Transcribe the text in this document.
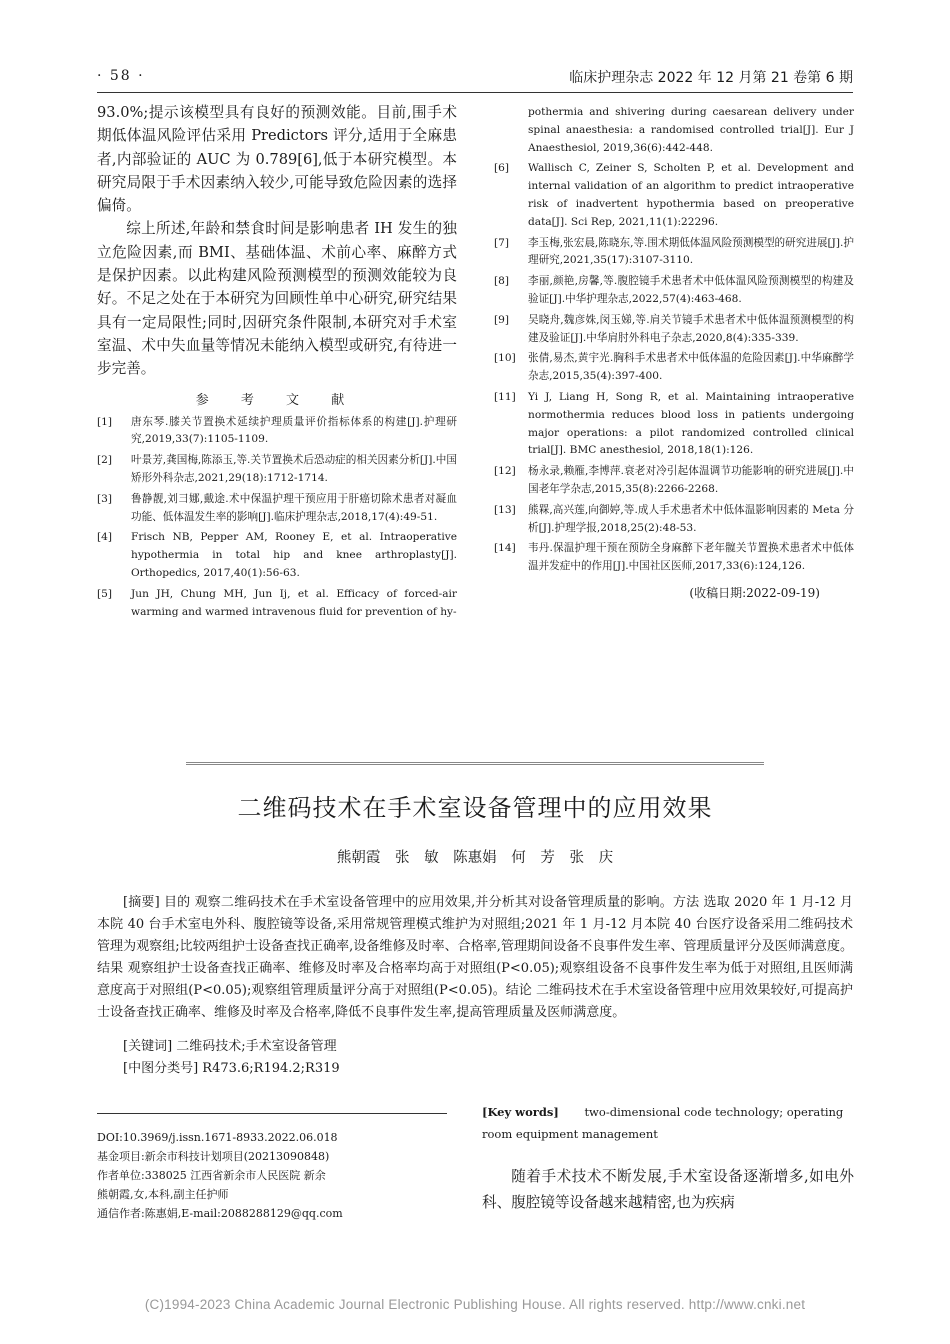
· 58 ·	临床护理杂志 2022 年 12 月第 21 卷第 6 期

93.0%;提示该模型具有良好的预测效能。目前,围手术期低体温风险评估采用 Predictors 评分,适用于全麻患者,内部验证的 AUC 为 0.789[6],低于本研究模型。本研究局限于手术因素纳入较少,可能导致危险因素的选择偏倚。

综上所述,年龄和禁食时间是影响患者 IH 发生的独立危险因素,而 BMI、基础体温、术前心率、麻醉方式是保护因素。以此构建风险预测模型的预测效能较为良好。不足之处在于本研究为回顾性单中心研究,研究结果具有一定局限性;同时,因研究条件限制,本研究对手术室室温、术中失血量等情况未能纳入模型或研究,有待进一步完善。

参 考 文 献
[1]	唐东琴.膝关节置换术延续护理质量评价指标体系的构建[J].护理研究,2019,33(7):1105-1109.
[2]	叶景芳,龚国梅,陈添玉,等.关节置换术后恐动症的相关因素分析[J].中国矫形外科杂志,2021,29(18):1712-1714.
[3]	鲁静靓,刘彐娜,戴途.术中保温护理干预应用于肝癌切除术患者对凝血功能、低体温发生率的影响[J].临床护理杂志,2018,17(4):49-51.
[4]	Frisch NB, Pepper AM, Rooney E, et al. Intraoperative hypothermia in total hip and knee arthroplasty[J]. Orthopedics, 2017,40(1):56-63.
[5]	Jun JH, Chung MH, Jun Ij, et al. Efficacy of forced-air warming and warmed intravenous fluid for prevention of hy-
pothermia and shivering during caesarean delivery under spinal anaesthesia: a randomised controlled trial[J]. Eur J Anaesthesiol, 2019,36(6):442-448.
[6]	Wallisch C, Zeiner S, Scholten P, et al. Development and internal validation of an algorithm to predict intraoperative risk of inadvertent hypothermia based on preoperative data[J]. Sci Rep, 2021,11(1):22296.
[7]	李玉梅,张宏晨,陈晓东,等.围术期低体温风险预测模型的研究进展[J].护理研究,2021,35(17):3107-3110.
[8]	李丽,颜艳,房馨,等.腹腔镜手术患者术中低体温风险预测模型的构建及验证[J].中华护理杂志,2022,57(4):463-468.
[9]	吴晓舟,魏彦姝,闵玉娣,等.肩关节镜手术患者术中低体温预测模型的构建及验证[J].中华肩肘外科电子杂志,2020,8(4):335-339.
[10]	张倩,易杰,黄宇光.胸科手术患者术中低体温的危险因素[J].中华麻醉学杂志,2015,35(4):397-400.
[11]	Yi J, Liang H, Song R, et al. Maintaining intraoperative normothermia reduces blood loss in patients undergoing major operations: a pilot randomized controlled clinical trial[J]. BMC anesthesiol, 2018,18(1):126.
[12]	杨永录,赖雁,李博萍.衰老对冷引起体温调节功能影响的研究进展[J].中国老年学杂志,2015,35(8):2266-2268.
[13]	熊槑,高兴莲,向御婷,等.成人手术患者术中低体温影响因素的 Meta 分析[J].护理学报,2018,25(2):48-53.
[14]	韦丹.保温护理干预在预防全身麻醉下老年髋关节置换术患者术中低体温并发症中的作用[J].中国社区医师,2017,33(6):124,126.
(收稿日期:2022-09-19)
二维码技术在手术室设备管理中的应用效果
熊朝霞 张 敏 陈惠娟 何 芳 张 庆
[摘要] 目的 观察二维码技术在手术室设备管理中的应用效果,并分析其对设备管理质量的影响。方法 选取 2020 年 1 月-12 月本院 40 台手术室电外科、腹腔镜等设备,采用常规管理模式维护为对照组;2021 年 1 月-12 月本院 40 台医疗设备采用二维码技术管理为观察组;比较两组护士设备查找正确率,设备维修及时率、合格率,管理期间设备不良事件发生率、管理质量评分及医师满意度。结果 观察组护士设备查找正确率、维修及时率及合格率均高于对照组(P<0.05);观察组设备不良事件发生率为低于对照组,且医师满意度高于对照组(P<0.05);观察组管理质量评分高于对照组(P<0.05)。结论 二维码技术在手术室设备管理中应用效果较好,可提高护士设备查找正确率、维修及时率及合格率,降低不良事件发生率,提高管理质量及医师满意度。
[关键词] 二维码技术;手术室设备管理
[中图分类号] R473.6;R194.2;R319
DOI:10.3969/j.issn.1671-8933.2022.06.018
基金项目:新余市科技计划项目(20213090848)
作者单位:338025 江西省新余市人民医院 新余
熊朝霞,女,本科,副主任护师
通信作者:陈惠娟,E-mail:2088288129@qq.com
[Key words] two-dimensional code technology; operating room equipment management
随着手术技术不断发展,手术室设备逐渐增多,如电外科、腹腔镜等设备越来越精密,也为疾病
(C)1994-2023 China Academic Journal Electronic Publishing House. All rights reserved. http://www.cnki.net
